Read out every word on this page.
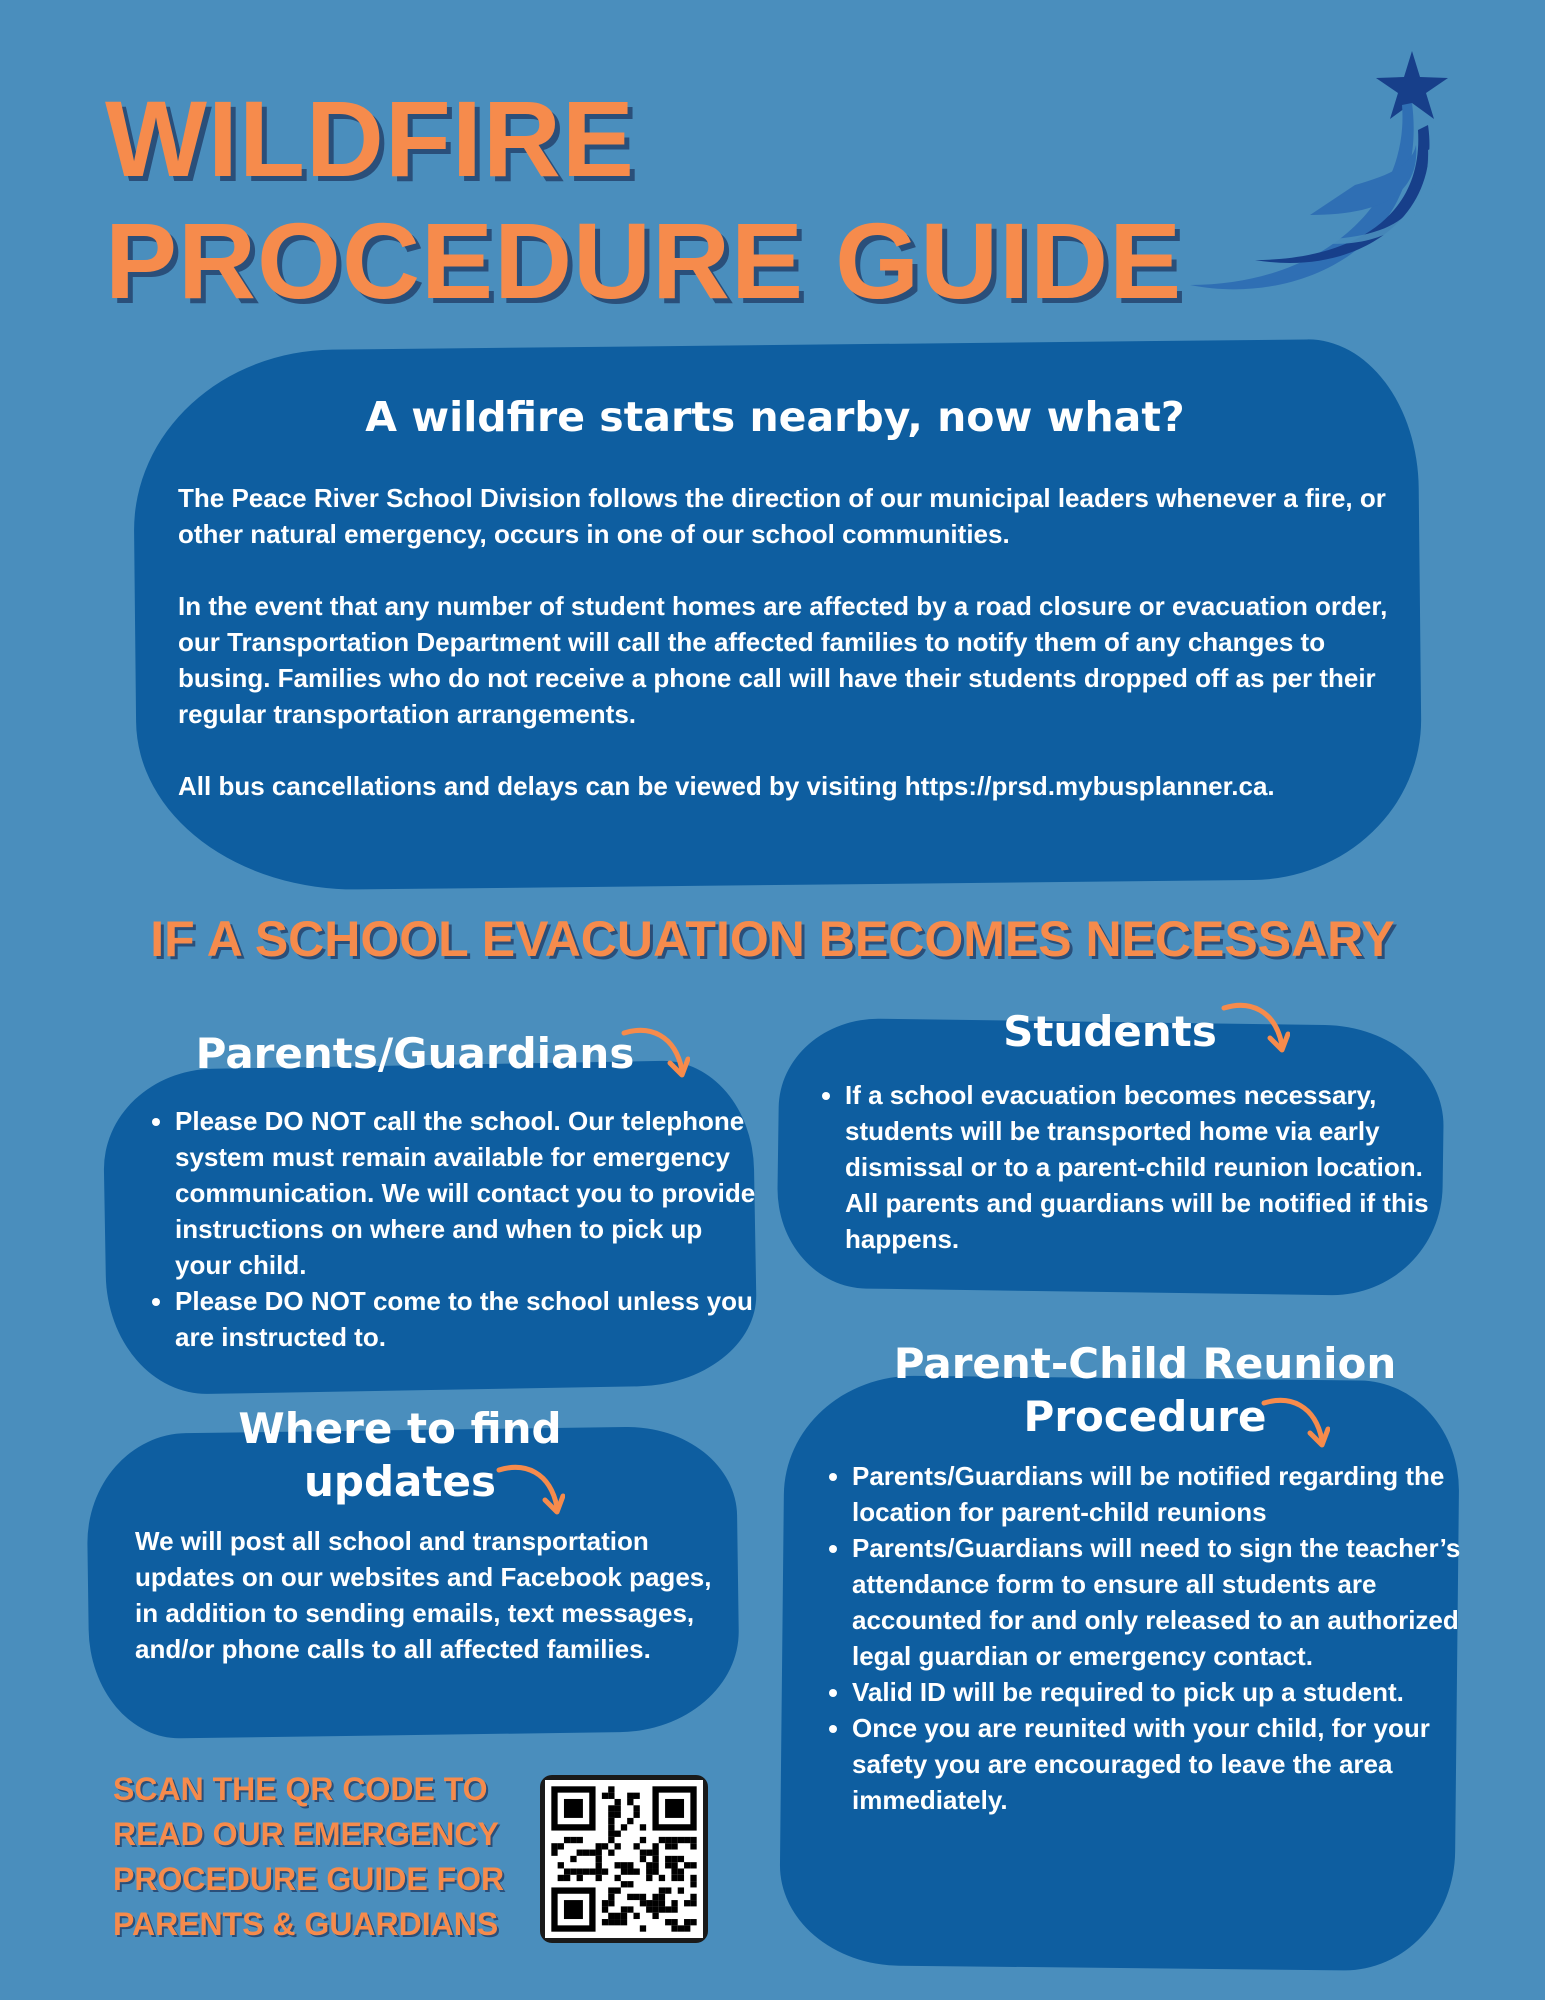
WILDFIRE
PROCEDURE GUIDE
A wildfire starts nearby, now what?

The Peace River School Division follows the direction of our municipal leaders whenever a fire, or other natural emergency, occurs in one of our school communities.

In the event that any number of student homes are affected by a road closure or evacuation order, our Transportation Department will call the affected families to notify them of any changes to busing. Families who do not receive a phone call will have their students dropped off as per their regular transportation arrangements.

All bus cancellations and delays can be viewed by visiting https://prsd.mybusplanner.ca.

IF A SCHOOL EVACUATION BECOMES NECESSARY
Parents/Guardians
• Please DO NOT call the school. Our telephone system must remain available for emergency communication. We will contact you to provide instructions on where and when to pick up your child.
• Please DO NOT come to the school unless you are instructed to.
Students
• If a school evacuation becomes necessary, students will be transported home via early dismissal or to a parent-child reunion location. All parents and guardians will be notified if this happens.
Where to find
updates
We will post all school and transportation updates on our websites and Facebook pages, in addition to sending emails, text messages, and/or phone calls to all affected families.
Parent-Child Reunion
Procedure
• Parents/Guardians will be notified regarding the location for parent-child reunions
• Parents/Guardians will need to sign the teacher’s attendance form to ensure all students are accounted for and only released to an authorized legal guardian or emergency contact.
• Valid ID will be required to pick up a student.
• Once you are reunited with your child, for your safety you are encouraged to leave the area immediately.
SCAN THE QR CODE TO
READ OUR EMERGENCY
PROCEDURE GUIDE FOR
PARENTS & GUARDIANS
